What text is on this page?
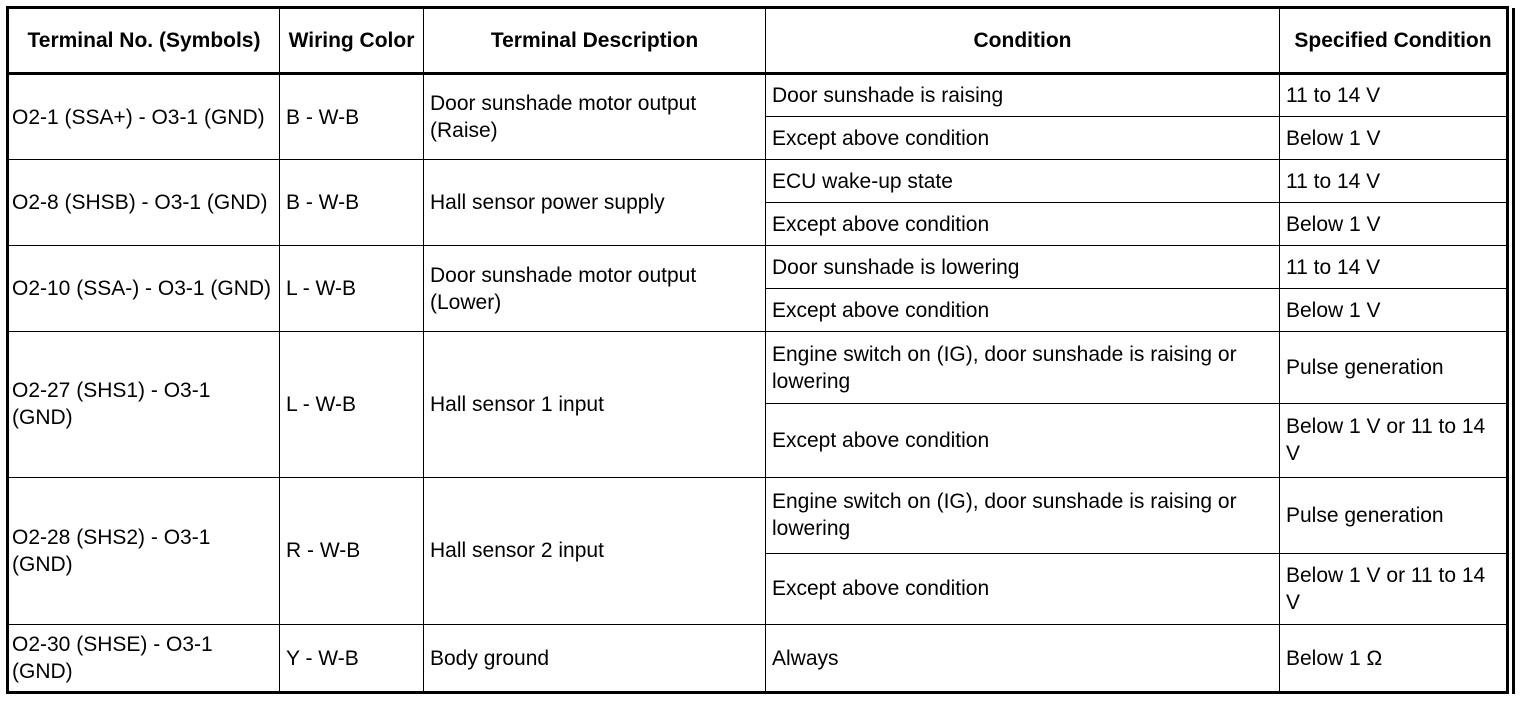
Terminal No. (Symbols)	Wiring Color	Terminal Description	Condition	Specified Condition
O2-1 (SSA+) - O3-1 (GND)	B - W-B	Door sunshade motor output (Raise)	Door sunshade is raising	11 to 14 V
			Except above condition	Below 1 V
O2-8 (SHSB) - O3-1 (GND)	B - W-B	Hall sensor power supply	ECU wake-up state	11 to 14 V
			Except above condition	Below 1 V
O2-10 (SSA-) - O3-1 (GND)	L - W-B	Door sunshade motor output (Lower)	Door sunshade is lowering	11 to 14 V
			Except above condition	Below 1 V
O2-27 (SHS1) - O3-1 (GND)	L - W-B	Hall sensor 1 input	Engine switch on (IG), door sunshade is raising or lowering	Pulse generation
			Except above condition	Below 1 V or 11 to 14 V
O2-28 (SHS2) - O3-1 (GND)	R - W-B	Hall sensor 2 input	Engine switch on (IG), door sunshade is raising or lowering	Pulse generation
			Except above condition	Below 1 V or 11 to 14 V
O2-30 (SHSE) - O3-1 (GND)	Y - W-B	Body ground	Always	Below 1 Ω
